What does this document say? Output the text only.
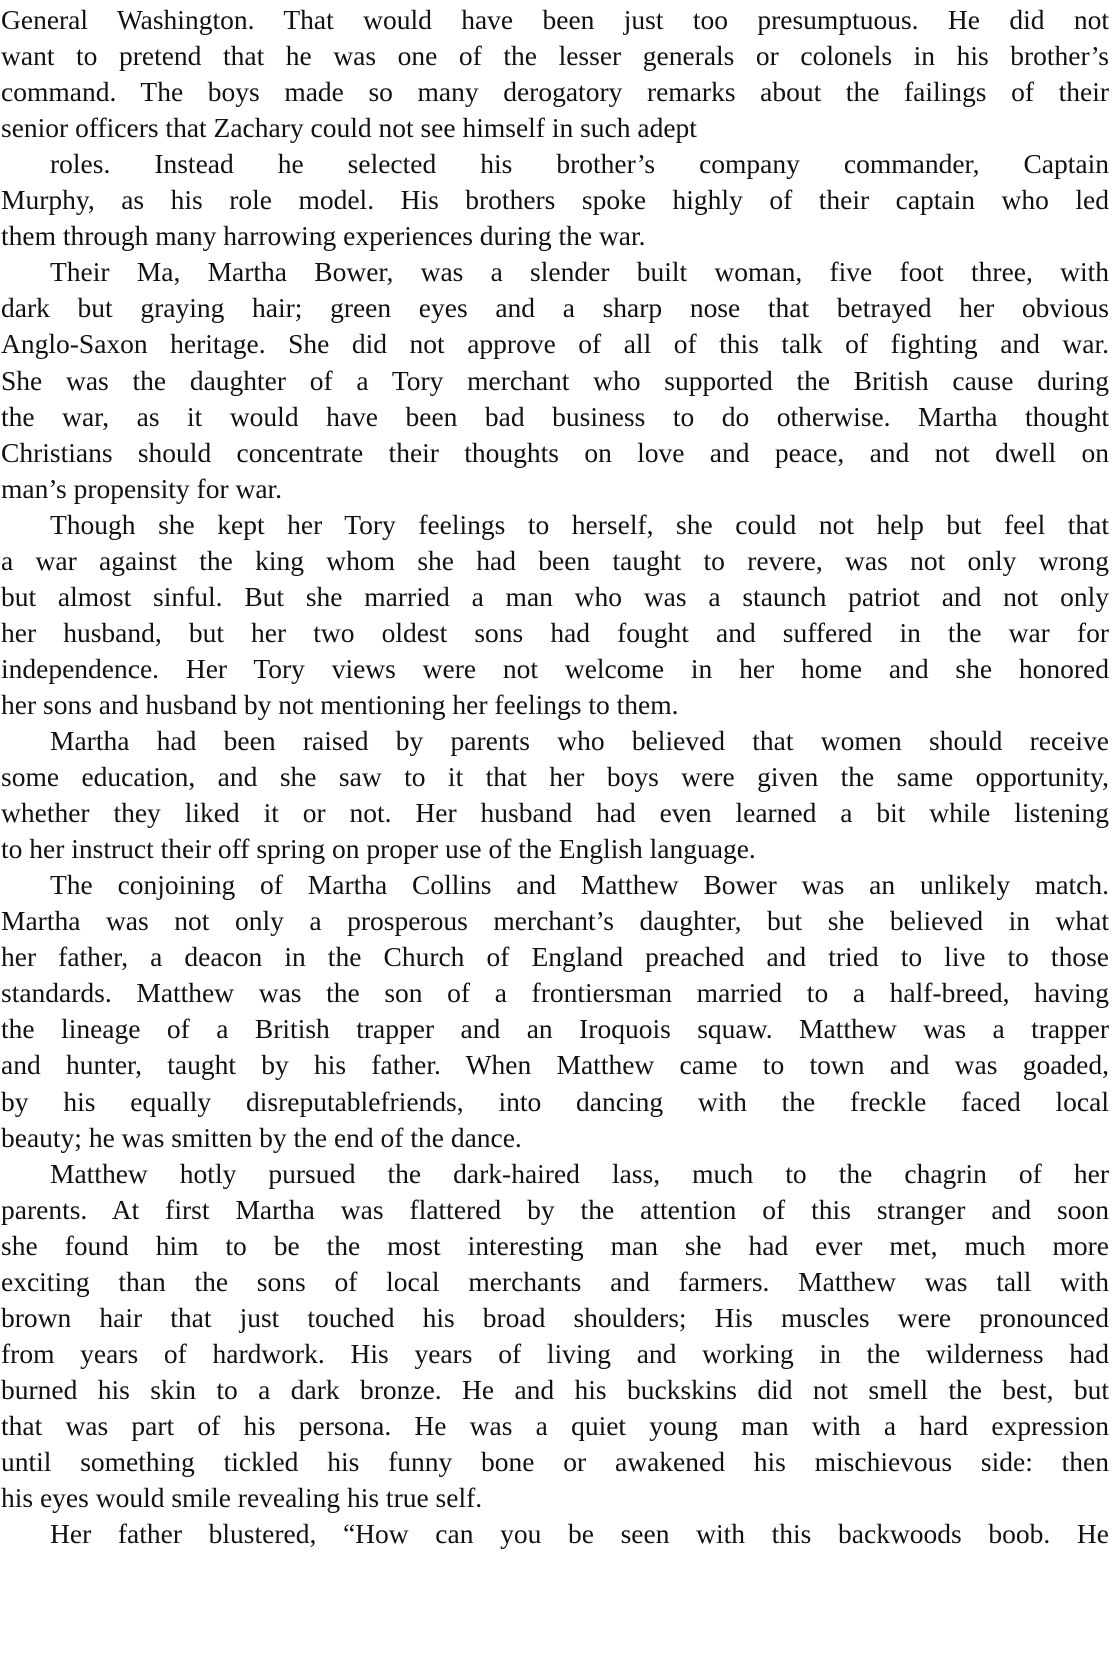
General Washington. That would have been just too presumptuous. He did not
want to pretend that he was one of the lesser generals or colonels in his brother’s
command. The boys made so many derogatory remarks about the failings of their
senior officers that Zachary could not see himself in such adept
roles. Instead he selected his brother’s company commander, Captain
Murphy, as his role model. His brothers spoke highly of their captain who led
them through many harrowing experiences during the war.
Their Ma, Martha Bower, was a slender built woman, five foot three, with
dark but graying hair; green eyes and a sharp nose that betrayed her obvious
Anglo-Saxon heritage. She did not approve of all of this talk of fighting and war.
She was the daughter of a Tory merchant who supported the British cause during
the war, as it would have been bad business to do otherwise. Martha thought
Christians should concentrate their thoughts on love and peace, and not dwell on
man’s propensity for war.
Though she kept her Tory feelings to herself, she could not help but feel that
a war against the king whom she had been taught to revere, was not only wrong
but almost sinful. But she married a man who was a staunch patriot and not only
her husband, but her two oldest sons had fought and suffered in the war for
independence. Her Tory views were not welcome in her home and she honored
her sons and husband by not mentioning her feelings to them.
Martha had been raised by parents who believed that women should receive
some education, and she saw to it that her boys were given the same opportunity,
whether they liked it or not. Her husband had even learned a bit while listening
to her instruct their off spring on proper use of the English language.
The conjoining of Martha Collins and Matthew Bower was an unlikely match.
Martha was not only a prosperous merchant’s daughter, but she believed in what
her father, a deacon in the Church of England preached and tried to live to those
standards. Matthew was the son of a frontiersman married to a half-breed, having
the lineage of a British trapper and an Iroquois squaw. Matthew was a trapper
and hunter, taught by his father. When Matthew came to town and was goaded,
by his equally disreputablefriends, into dancing with the freckle faced local
beauty; he was smitten by the end of the dance.
Matthew hotly pursued the dark-haired lass, much to the chagrin of her
parents. At first Martha was flattered by the attention of this stranger and soon
she found him to be the most interesting man she had ever met, much more
exciting than the sons of local merchants and farmers. Matthew was tall with
brown hair that just touched his broad shoulders; His muscles were pronounced
from years of hardwork. His years of living and working in the wilderness had
burned his skin to a dark bronze. He and his buckskins did not smell the best, but
that was part of his persona. He was a quiet young man with a hard expression
until something tickled his funny bone or awakened his mischievous side: then
his eyes would smile revealing his true self.
Her father blustered, “How can you be seen with this backwoods boob. He
